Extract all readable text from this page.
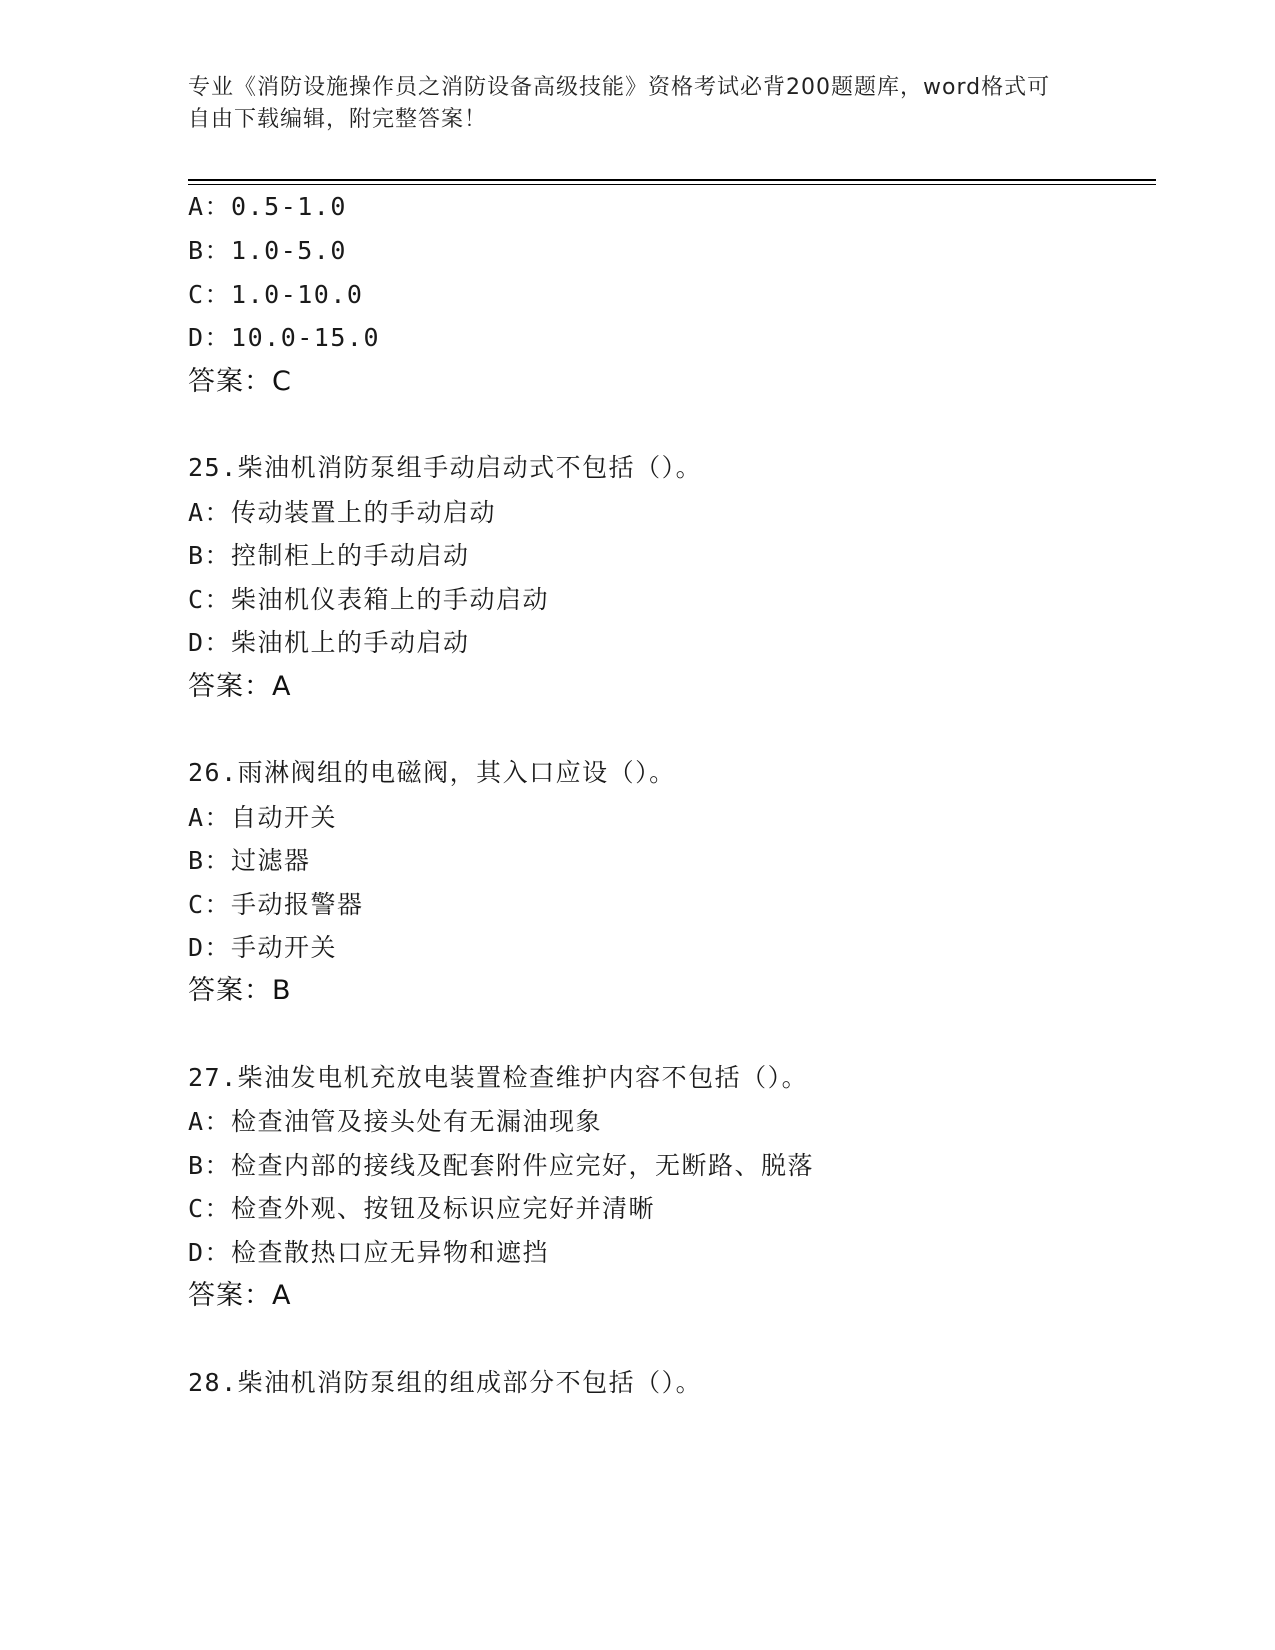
专业《消防设施操作员之消防设备高级技能》资格考试必背200题题库，word格式可自由下载编辑，附完整答案！
A：0.5-1.0
B：1.0-5.0
C：1.0-10.0
D：10.0-15.0
答案：C
25.柴油机消防泵组手动启动式不包括（）。
A：传动装置上的手动启动
B：控制柜上的手动启动
C：柴油机仪表箱上的手动启动
D：柴油机上的手动启动
答案：A
26.雨淋阀组的电磁阀，其入口应设（）。
A：自动开关
B：过滤器
C：手动报警器
D：手动开关
答案：B
27.柴油发电机充放电装置检查维护内容不包括（）。
A：检查油管及接头处有无漏油现象
B：检查内部的接线及配套附件应完好，无断路、脱落
C：检查外观、按钮及标识应完好并清晰
D：检查散热口应无异物和遮挡
答案：A
28.柴油机消防泵组的组成部分不包括（）。
